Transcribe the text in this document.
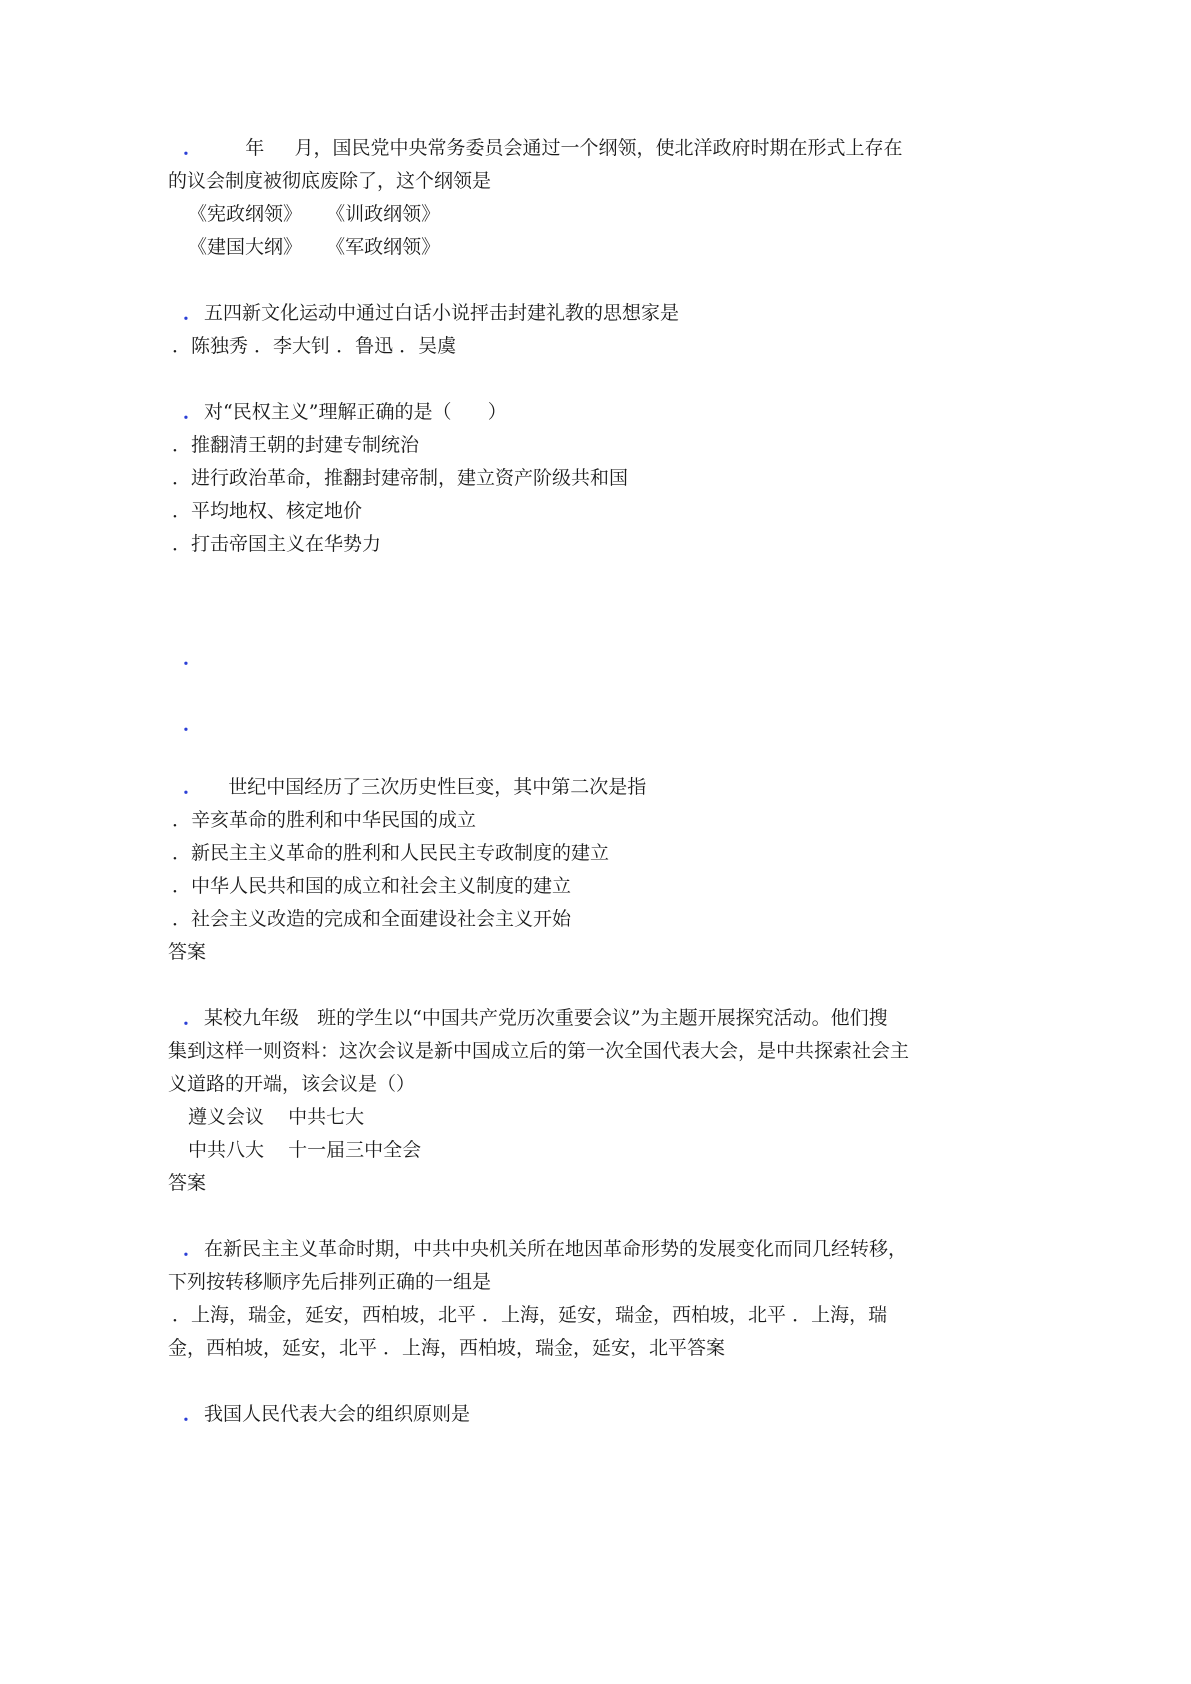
． 年     月，国民党中央常务委员会通过一个纲领，使北洋政府时期在形式上存在
的议会制度被彻底废除了，这个纲领是
《宪政纲领》    《训政纲领》
《建国大纲》    《军政纲领》
．
五四新文化运动中通过白话小说抨击封建礼教的思想家是
．陈独秀 ．李大钊 ．鲁迅 ．吴虞
．
对“民权主义”理解正确的是（      ）
．推翻清王朝的封建专制统治
．进行政治革命，推翻封建帝制，建立资产阶级共和国
．平均地权、核定地价
．打击帝国主义在华势力
．
．
．
世纪中国经历了三次历史性巨变，其中第二次是指
．辛亥革命的胜利和中华民国的成立
．新民主主义革命的胜利和人民民主专政制度的建立
．中华人民共和国的成立和社会主义制度的建立
．社会主义改造的完成和全面建设社会主义开始
答案
．
某校九年级   班的学生以“中国共产党历次重要会议”为主题开展探究活动。他们搜
集到这样一则资料：这次会议是新中国成立后的第一次全国代表大会，是中共探索社会主
义道路的开端，该会议是（）
遵义会议    中共七大
中共八大    十一届三中全会
答案
．
在新民主主义革命时期，中共中央机关所在地因革命形势的发展变化而同几经转移，
下列按转移顺序先后排列正确的一组是
．上海，瑞金，延安，西柏坡，北平 ．上海，延安，瑞金，西柏坡，北平 ．上海，瑞
金，西柏坡，延安，北平 ．上海，西柏坡，瑞金，延安，北平答案
．
我国人民代表大会的组织原则是
